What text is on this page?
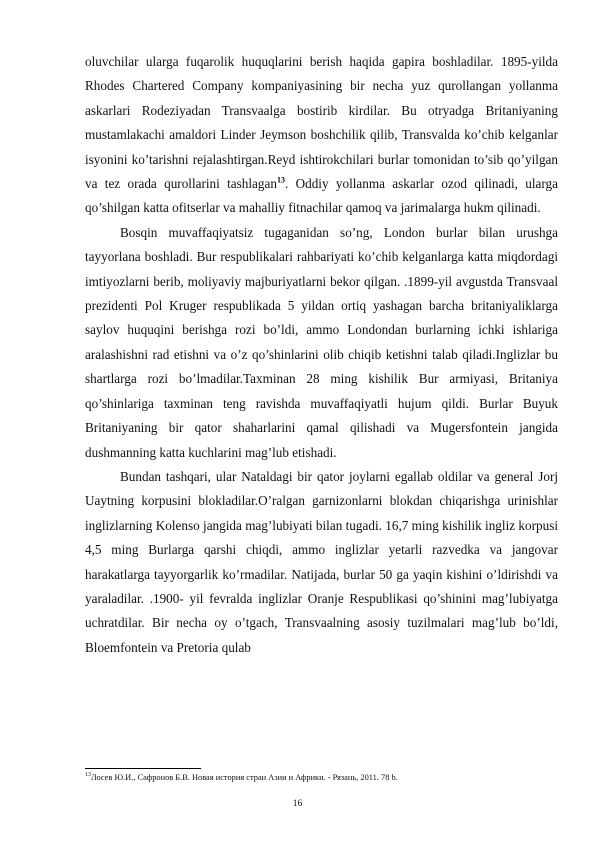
oluvchilar ularga fuqarolik huquqlarini berish haqida gapira boshladilar. 1895-yilda Rhodes Chartered Company kompaniyasining bir necha yuz qurollangan yollanma askarlari Rodeziyadan Transvaalga bostirib kirdilar. Bu otryadga Britaniyaning mustamlakachi amaldori Linder Jeymson boshchilik qilib, Transvalda ko’chib kelganlar isyonini ko’tarishni rejalashtirgan.Reyd ishtirokchilari burlar tomonidan to’sib qo’yilgan va tez orada qurollarini tashlagan$^{13}$. Oddiy yollanma askarlar ozod qilinadi, ularga qo’shilgan katta ofitserlar va mahalliy fitnachilar qamoq va jarimalarga hukm qilinadi.

Bosqin muvaffaqiyatsiz tugaganidan so’ng, London burlar bilan urushga tayyorlana boshladi. Bur respublikalari rahbariyati ko’chib kelganlarga katta miqdordagi imtiyozlarni berib, moliyaviy majburiyatlarni bekor qilgan. .1899-yil avgustda Transvaal prezidenti Pol Kruger respublikada 5 yildan ortiq yashagan barcha britaniyaliklarga saylov huquqini berishga rozi bo’ldi, ammo Londondan burlarning ichki ishlariga aralashishni rad etishni va o’z qo’shinlarini olib chiqib ketishni talab qiladi.Inglizlar bu shartlarga rozi bo’lmadilar.Taxminan 28 ming kishilik Bur armiyasi, Britaniya qo’shinlariga taxminan teng ravishda muvaffaqiyatli hujum qildi. Burlar Buyuk Britaniyaning bir qator shaharlarini qamal qilishadi va Mugersfontein jangida dushmanning katta kuchlarini mag’lub etishadi.

Bundan tashqari, ular Nataldagi bir qator joylarni egallab oldilar va general Jorj Uaytning korpusini blokladilar.O’ralgan garnizonlarni blokdan chiqarishga urinishlar inglizlarning Kolenso jangida mag’lubiyati bilan tugadi. 16,7 ming kishilik ingliz korpusi 4,5 ming Burlarga qarshi chiqdi, ammo inglizlar yetarli razvedka va jangovar harakatlarga tayyorgarlik ko’rmadilar. Natijada, burlar 50 ga yaqin kishini o’ldirishdi va yaraladilar. .1900- yil fevralda inglizlar Oranje Respublikasi qo’shinini mag’lubiyatga uchratdilar. Bir necha oy o’tgach, Transvaalning asosiy tuzilmalari mag’lub bo’ldi, Bloemfontein va Pretoria qulab

$^{13}$Лосев Ю.И., Сафронов Б.В. Новая история стран Азии и Африки. - Рязань, 2011. 78 b.
16
